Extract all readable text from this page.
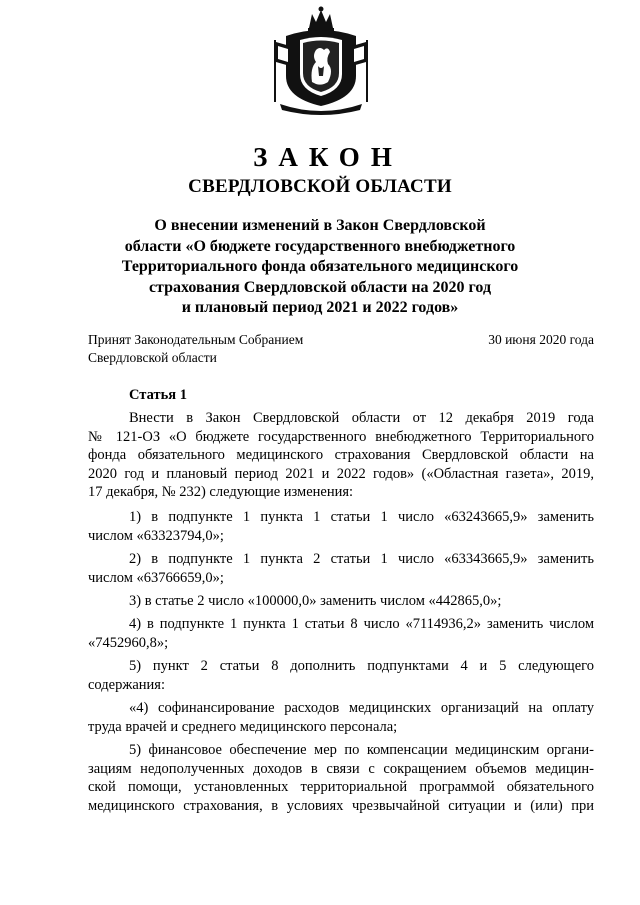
ЗАКОН
СВЕРДЛОВСКОЙ ОБЛАСТИ
О внесении изменений в Закон Свердловской
области «О бюджете государственного внебюджетного
Территориального фонда обязательного медицинского
страхования Свердловской области на 2020 год
и плановый период 2021 и 2022 годов»
Принят Законодательным Собранием
Свердловской области
30 июня 2020 года
Статья 1
Внести в Закон Свердловской области от 12 декабря 2019 года
№ 121-ОЗ «О бюджете государственного внебюджетного Территориального
фонда обязательного медицинского страхования Свердловской области на
2020 год и плановый период 2021 и 2022 годов» («Областная газета», 2019,
17 декабря, № 232) следующие изменения:
1) в подпункте 1 пункта 1 статьи 1 число «63243665,9» заменить
числом «63323794,0»;
2) в подпункте 1 пункта 2 статьи 1 число «63343665,9» заменить
числом «63766659,0»;
3) в статье 2 число «100000,0» заменить числом «442865,0»;
4) в подпункте 1 пункта 1 статьи 8 число «7114936,2» заменить числом
«7452960,8»;
5) пункт 2 статьи 8 дополнить подпунктами 4 и 5 следующего
содержания:
«4) софинансирование расходов медицинских организаций на оплату
труда врачей и среднего медицинского персонала;
5) финансовое обеспечение мер по компенсации медицинским органи-
зациям недополученных доходов в связи с сокращением объемов медицин-
ской помощи, установленных территориальной программой обязательного
медицинского страхования, в условиях чрезвычайной ситуации и (или) при
